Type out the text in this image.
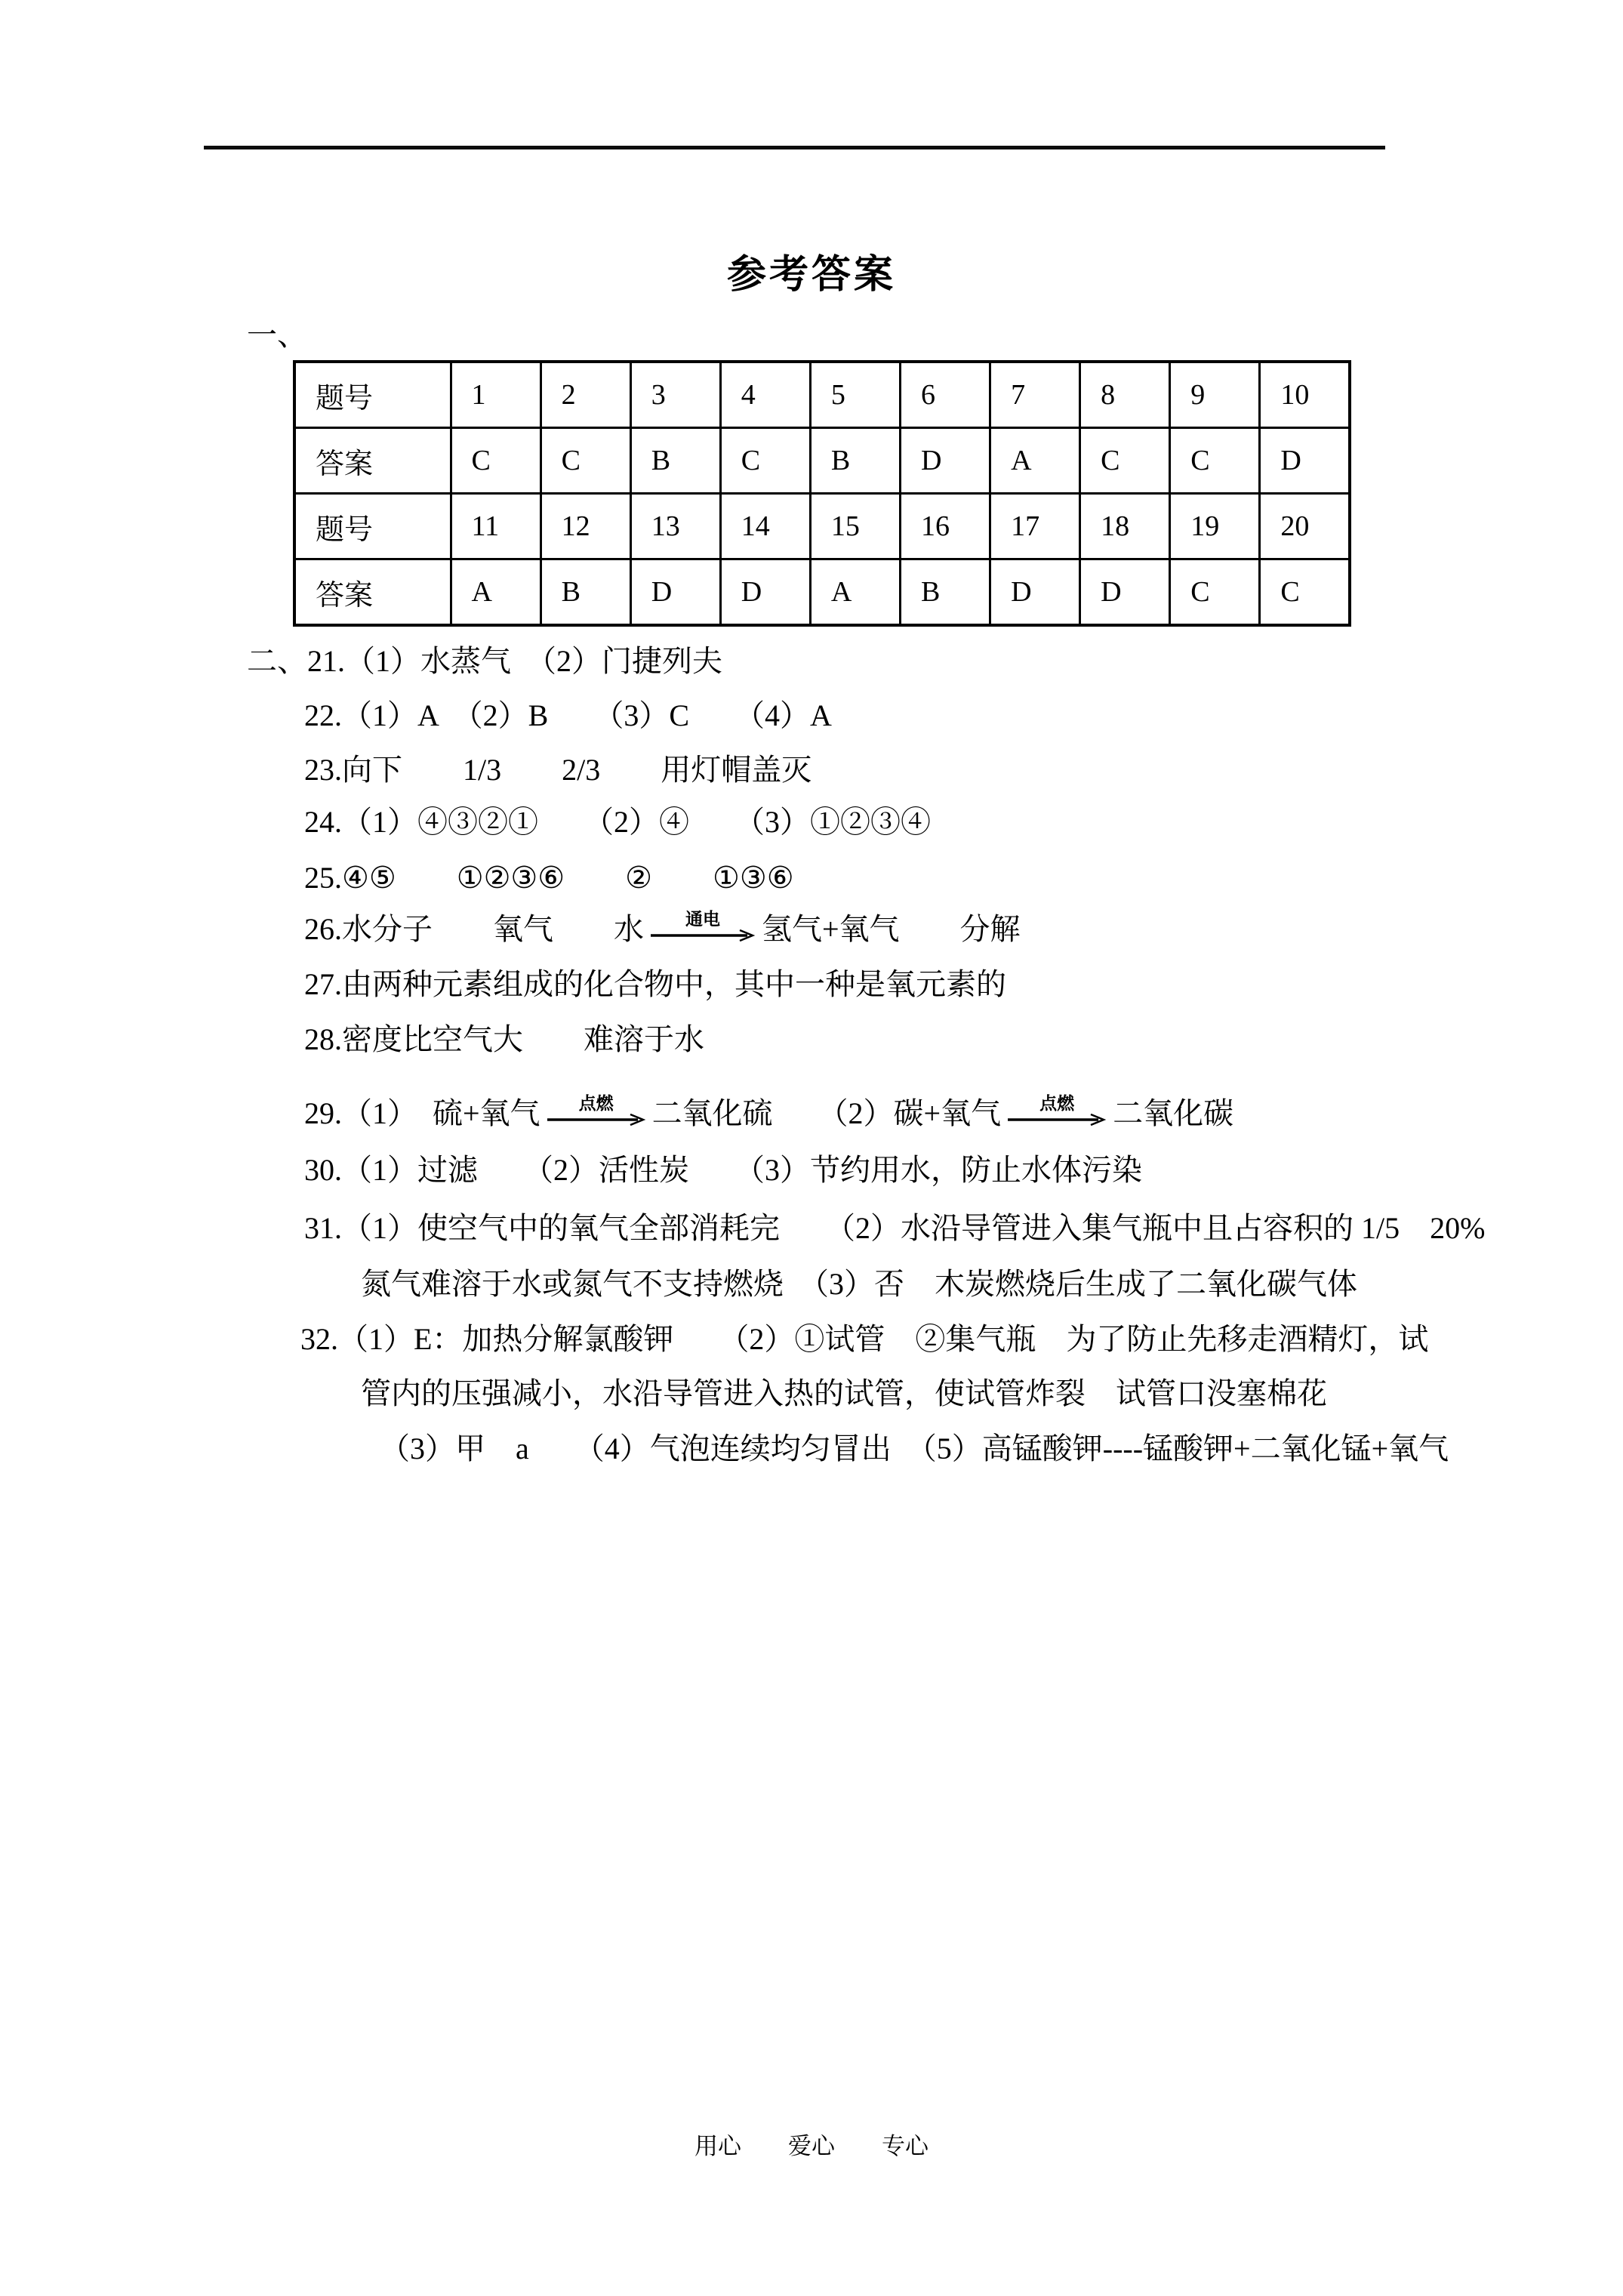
参考答案
一、
题号	1	2	3	4	5	6	7	8	9	10
答案	C	C	B	C	B	D	A	C	C	D
题号	11	12	13	14	15	16	17	18	19	20
答案	A	B	D	D	A	B	D	D	C	C
二、21.（1）水蒸气　（2）门捷列夫
22.（1）A　（2）B　　（3）C　　（4）A
23.向下　　1/3　　2/3　　用灯帽盖灭
24.（1）④③②①　　（2）④　　（3）①②③④
25.④⑤　　①②③⑥　　②　　①③⑥
26.水分子　　氧气　　水 通电 氢气+氧气　　分解
27.由两种元素组成的化合物中，其中一种是氧元素的
28.密度比空气大　　难溶于水
29.（1）　硫+氧气 点燃 二氧化硫　　（2）碳+氧气 点燃 二氧化碳
30.（1）过滤　　（2）活性炭　　（3）节约用水，防止水体污染
31.（1）使空气中的氧气全部消耗完　　（2）水沿导管进入集气瓶中且占容积的 1/5　20%
氮气难溶于水或氮气不支持燃烧　（3）否　木炭燃烧后生成了二氧化碳气体
32.（1）E：加热分解氯酸钾　　（2）①试管　②集气瓶　为了防止先移走酒精灯，试
管内的压强减小，水沿导管进入热的试管，使试管炸裂　试管口没塞棉花
（3）甲　a　　（4）气泡连续均匀冒出　（5）高锰酸钾----锰酸钾+二氧化锰+氧气
用心　　爱心　　专心
